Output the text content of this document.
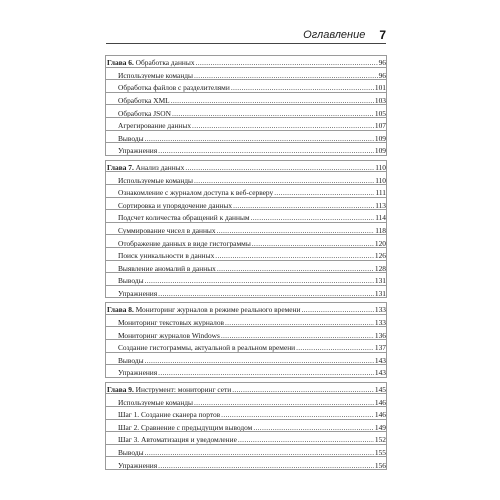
Оглавление 7
Глава 6. Обработка данных .....	96
Используемые команды .....	96
Обработка файлов с разделителями .....	101
Обработка XML .....	103
Обработка JSON .....	105
Агрегирование данных .....	107
Выводы .....	109
Упражнения .....	109
Глава 7. Анализ данных .....	110
Используемые команды .....	110
Ознакомление с журналом доступа к веб-серверу .....	111
Сортировка и упорядочение данных .....	113
Подсчет количества обращений к данным .....	114
Суммирование чисел в данных .....	118
Отображение данных в виде гистограммы .....	120
Поиск уникальности в данных .....	126
Выявление аномалий в данных .....	128
Выводы .....	131
Упражнения .....	131
Глава 8. Мониторинг журналов в режиме реального времени .....	133
Мониторинг текстовых журналов .....	133
Мониторинг журналов Windows .....	136
Создание гистограммы, актуальной в реальном времени .....	137
Выводы .....	143
Упражнения .....	143
Глава 9. Инструмент: мониторинг сети .....	145
Используемые команды .....	146
Шаг 1. Создание сканера портов .....	146
Шаг 2. Сравнение с предыдущим выводом .....	149
Шаг 3. Автоматизация и уведомление .....	152
Выводы .....	155
Упражнения .....	156
